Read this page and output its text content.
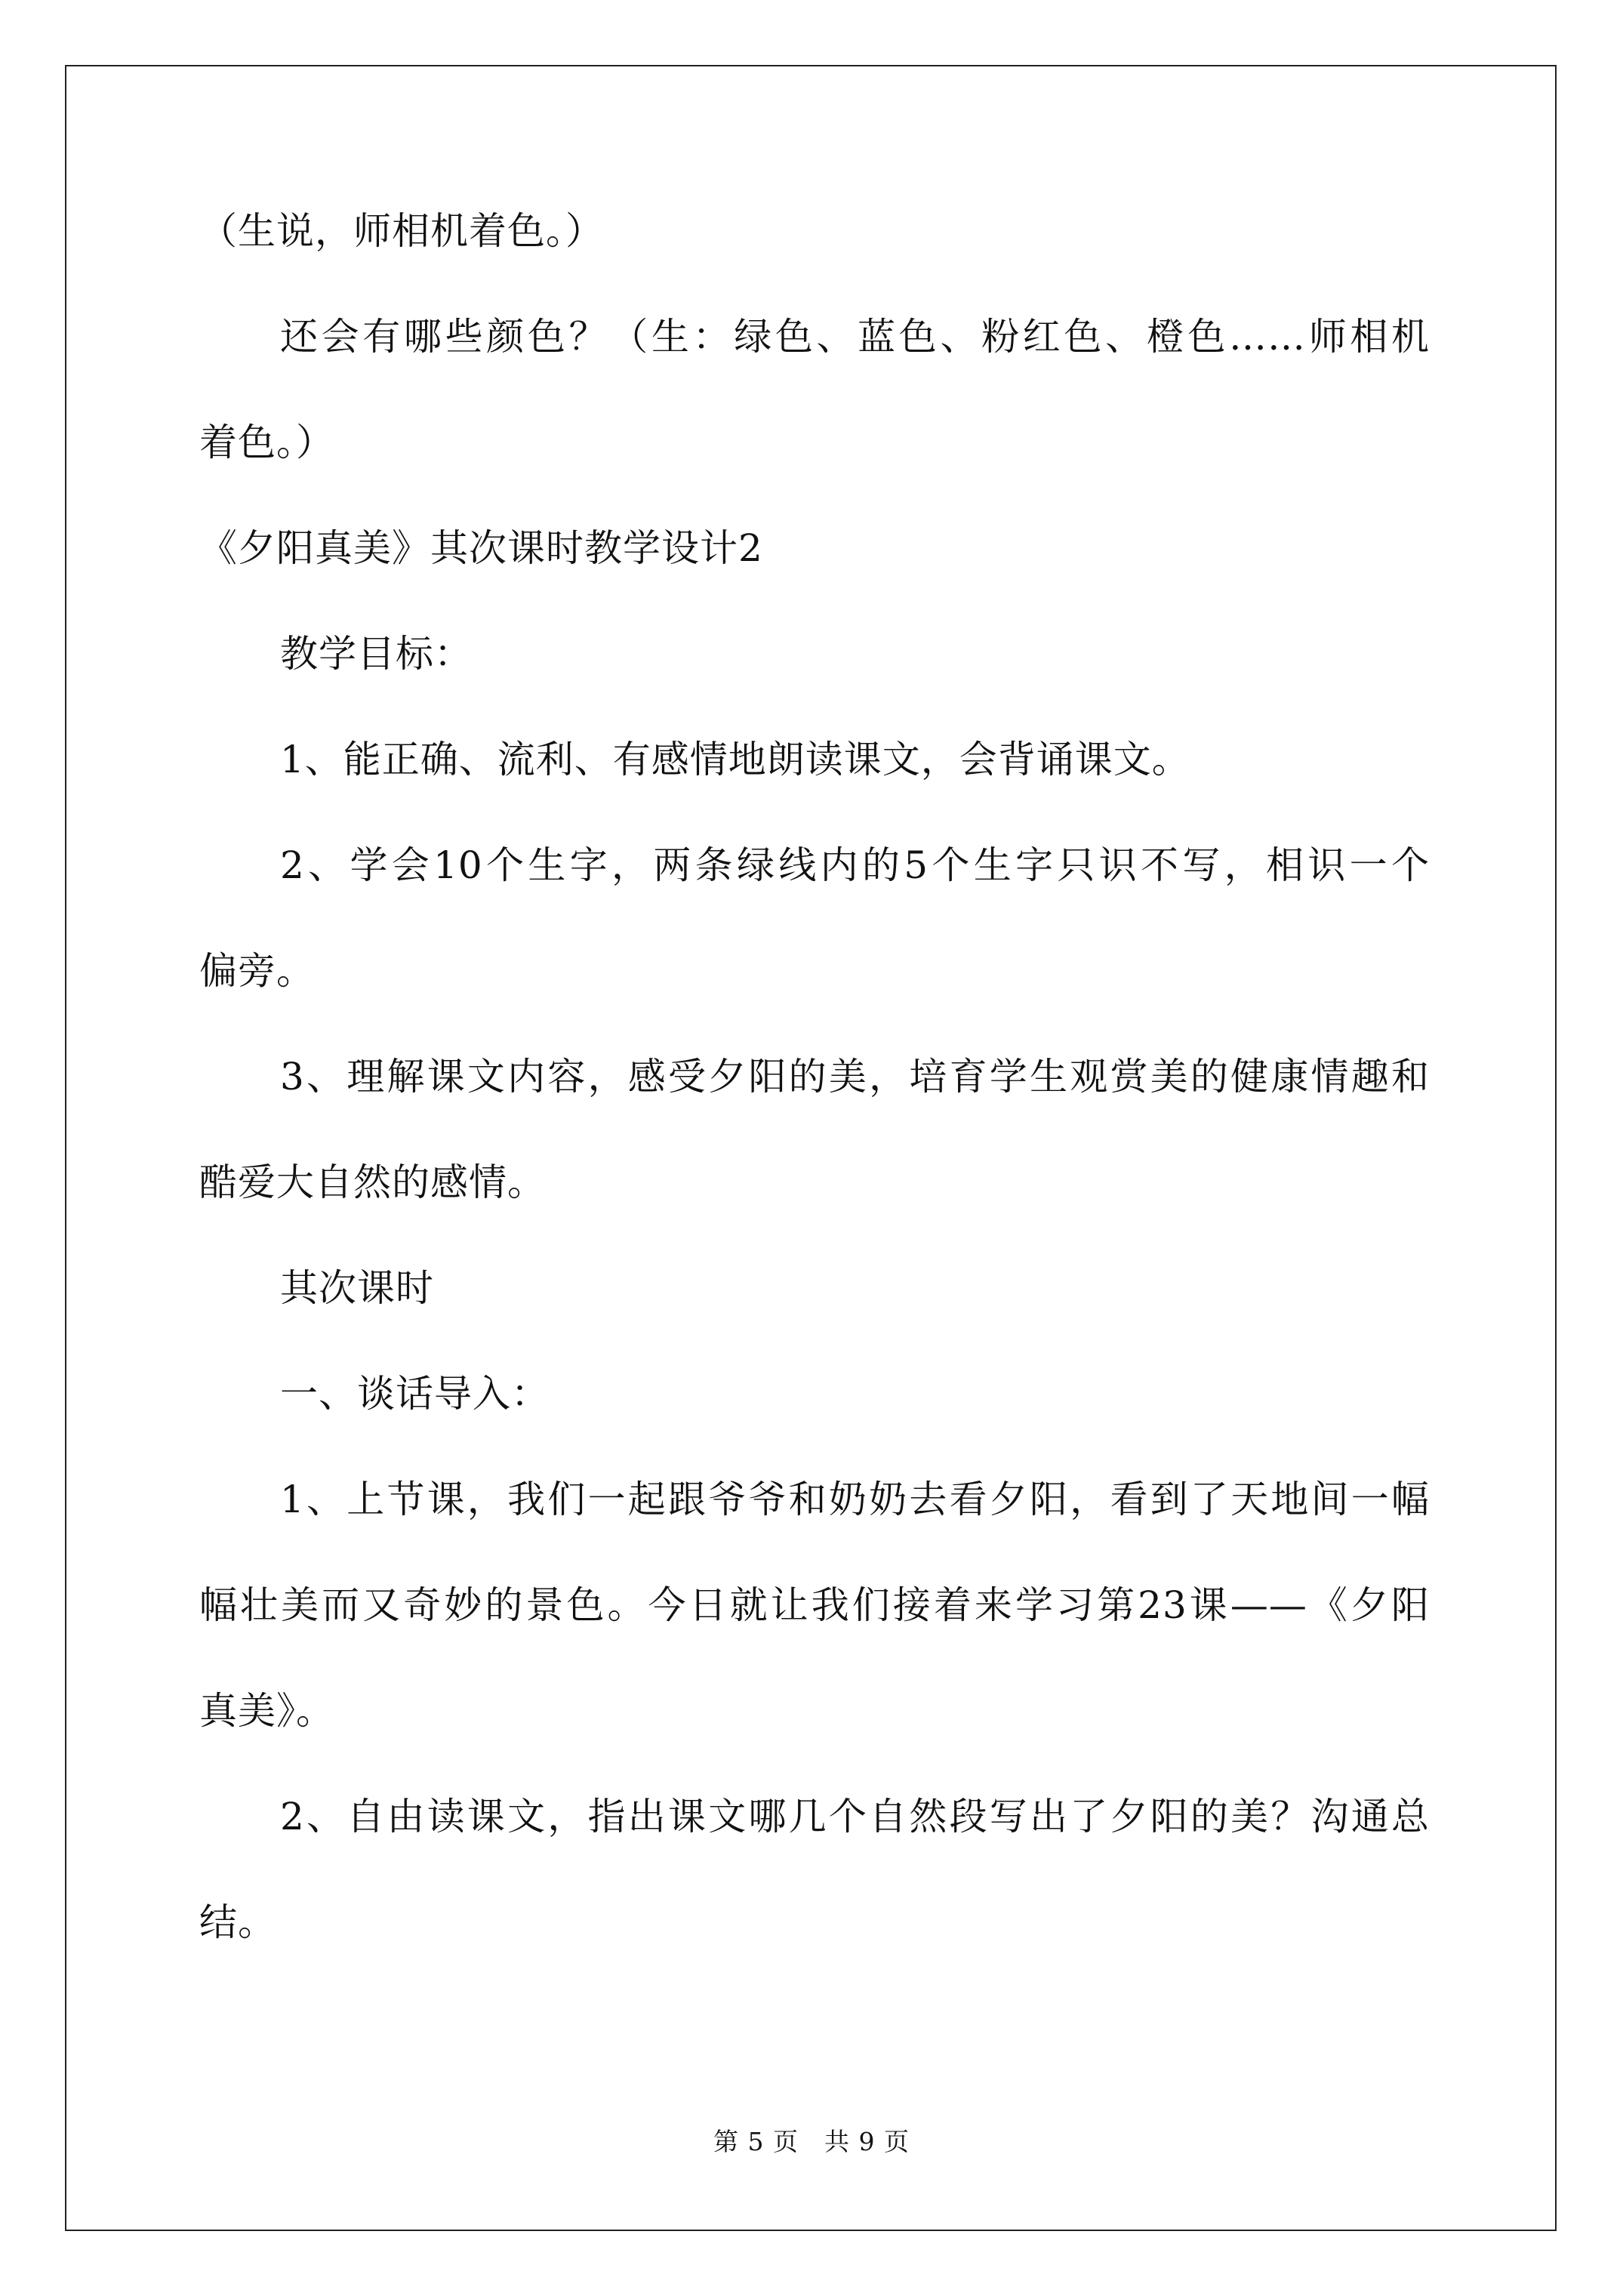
（生说，师相机着色。）
还会有哪些颜色？（生：绿色、蓝色、粉红色、橙色……师相机
着色。）
《夕阳真美》其次课时教学设计2
教学目标：
1、能正确、流利、有感情地朗读课文，会背诵课文。
2、学会10个生字，两条绿线内的5个生字只识不写，相识一个
偏旁。
3、理解课文内容，感受夕阳的美，培育学生观赏美的健康情趣和
酷爱大自然的感情。
其次课时
一、谈话导入：
1、上节课，我们一起跟爷爷和奶奶去看夕阳，看到了天地间一幅
幅壮美而又奇妙的景色。今日就让我们接着来学习第23课——《夕阳
真美》。
2、自由读课文，指出课文哪几个自然段写出了夕阳的美？沟通总
结。
第 5 页　共 9 页
